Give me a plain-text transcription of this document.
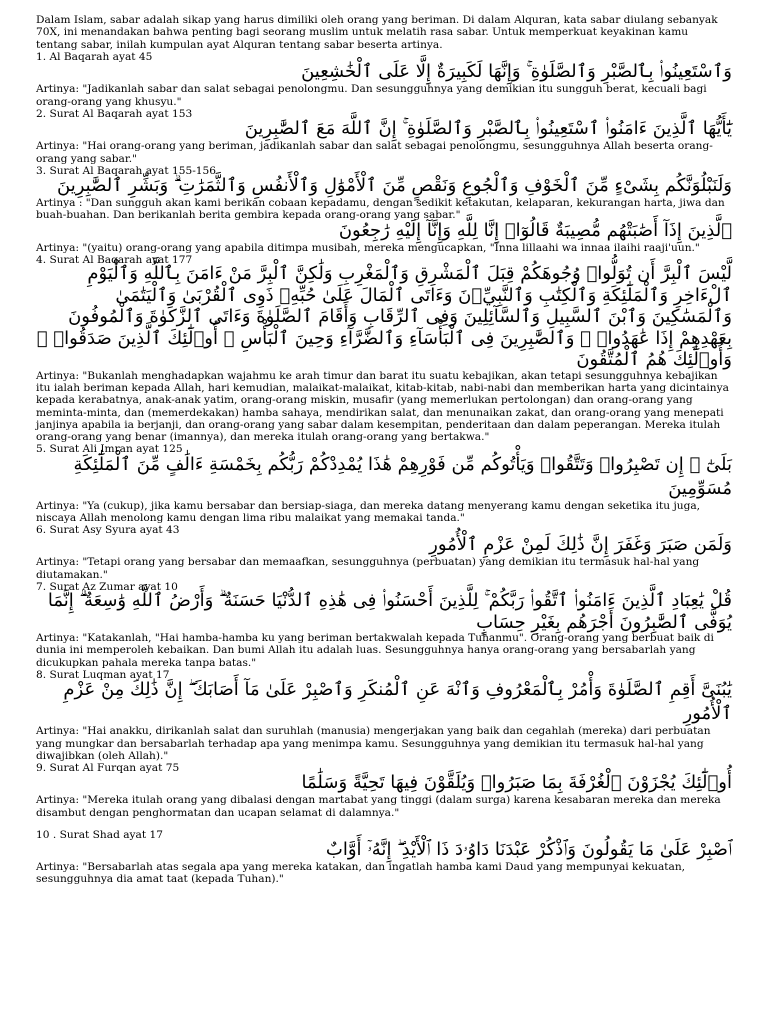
Dalam Islam, sabar adalah sikap yang harus dimiliki oleh orang yang beriman. Di dalam Alquran, kata sabar diulang sebanyak 70X, ini menandakan bahwa penting bagi seorang muslim untuk melatih rasa sabar. Untuk memperkuat keyakinan kamu tentang sabar, inilah kumpulan ayat Alquran tentang sabar beserta artinya.

1. Al Baqarah ayat 45

وَٱسْتَعِينُوا۟ بِٱلصَّبْرِ وَٱلصَّلَوٰةِ ۚ وَإِنَّهَا لَكَبِيرَةٌ إِلَّا عَلَى ٱلْخَٰشِعِينَ

Artinya: "Jadikanlah sabar dan salat sebagai penolongmu. Dan sesungguhnya yang demikian itu sungguh berat, kecuali bagi orang-orang yang khusyu."

2. Surat Al Baqarah ayat 153

يَٰٓأَيُّهَا ٱلَّذِينَ ءَامَنُوا۟ ٱسْتَعِينُوا۟ بِٱلصَّبْرِ وَٱلصَّلَوٰةِ ۚ إِنَّ ٱللَّهَ مَعَ ٱلصَّٰبِرِينَ

Artinya: "Hai orang-orang yang beriman, jadikanlah sabar dan salat sebagai penolongmu, sesungguhnya Allah beserta orang-orang yang sabar."

3. Surat Al Baqarah ayat 155-156

وَلَنَبْلُوَنَّكُم بِشَىْءٍ مِّنَ ٱلْخَوْفِ وَٱلْجُوعِ وَنَقْصٍ مِّنَ ٱلْأَمْوَٰلِ وَٱلْأَنفُسِ وَٱلثَّمَرَٰتِ ۗ وَبَشِّرِ ٱلصَّٰبِرِينَ

Artinya : "Dan sungguh akan kami berikan cobaan kepadamu, dengan sedikit ketakutan, kelaparan, kekurangan harta, jiwa dan buah-buahan. Dan berikanlah berita gembira kepada orang-orang yang sabar."

ٱلَّذِينَ إِذَآ أَصَٰبَتْهُم مُّصِيبَةٌ قَالُوٓا۟ إِنَّا لِلَّهِ وَإِنَّآ إِلَيْهِ رَٰجِعُونَ

Artinya: "(yaitu) orang-orang yang apabila ditimpa musibah, mereka mengucapkan, "Inna lillaahi wa innaa ilaihi raaji'uun."

4. Surat Al Baqarah ayat 177

لَّيْسَ ٱلْبِرَّ أَن تُوَلُّوا۟ وُجُوهَكُمْ قِبَلَ ٱلْمَشْرِقِ وَٱلْمَغْرِبِ وَلَٰكِنَّ ٱلْبِرَّ مَنْ ءَامَنَ بِٱللَّهِ وَٱلْيَوْمِ ٱلْءَاخِرِ وَٱلْمَلَٰٓئِكَةِ وَٱلْكِتَٰبِ وَٱلنَّبِيِّۦنَ وَءَاتَى ٱلْمَالَ عَلَىٰ حُبِّهِۦ ذَوِى ٱلْقُرْبَىٰ وَٱلْيَتَٰمَىٰ وَٱلْمَسَٰكِينَ وَٱبْنَ ٱلسَّبِيلِ وَٱلسَّآئِلِينَ وَفِى ٱلرِّقَابِ وَأَقَامَ ٱلصَّلَوٰةَ وَءَاتَى ٱلزَّكَوٰةَ وَٱلْمُوفُونَ بِعَهْدِهِمْ إِذَا عَٰهَدُوا۟ ۖ وَٱلصَّٰبِرِينَ فِى ٱلْبَأْسَآءِ وَٱلضَّرَّآءِ وَحِينَ ٱلْبَأْسِ ۗ أُو۟لَٰٓئِكَ ٱلَّذِينَ صَدَقُوا۟ ۖ وَأُو۟لَٰٓئِكَ هُمُ ٱلْمُتَّقُونَ

Artinya: "Bukanlah menghadapkan wajahmu ke arah timur dan barat itu suatu kebajikan, akan tetapi sesungguhnya kebajikan itu ialah beriman kepada Allah, hari kemudian, malaikat-malaikat, kitab-kitab, nabi-nabi dan memberikan harta yang dicintainya kepada kerabatnya, anak-anak yatim, orang-orang miskin, musafir (yang memerlukan pertolongan) dan orang-orang yang meminta-minta, dan (memerdekakan) hamba sahaya, mendirikan salat, dan menunaikan zakat, dan orang-orang yang menepati janjinya apabila ia berjanji, dan orang-orang yang sabar dalam kesempitan, penderitaan dan dalam peperangan. Mereka itulah orang-orang yang benar (imannya), dan mereka itulah orang-orang yang bertakwa."

5. Surat Ali Imran ayat 125

بَلَىٰٓ ۚ إِن تَصْبِرُوا۟ وَتَتَّقُوا۟ وَيَأْتُوكُم مِّن فَوْرِهِمْ هَٰذَا يُمْدِدْكُمْ رَبُّكُم بِخَمْسَةِ ءَالَٰفٍ مِّنَ ٱلْمَلَٰٓئِكَةِ مُسَوِّمِينَ

Artinya: "Ya (cukup), jika kamu bersabar dan bersiap-siaga, dan mereka datang menyerang kamu dengan seketika itu juga, niscaya Allah menolong kamu dengan lima ribu malaikat yang memakai tanda."

6. Surat Asy Syura ayat 43

وَلَمَن صَبَرَ وَغَفَرَ إِنَّ ذَٰلِكَ لَمِنْ عَزْمِ ٱلْأُمُورِ

Artinya: "Tetapi orang yang bersabar dan memaafkan, sesungguhnya (perbuatan) yang demikian itu termasuk hal-hal yang diutamakan."

7. Surat Az Zumar ayat 10

قُلْ يَٰعِبَادِ ٱلَّذِينَ ءَامَنُوا۟ ٱتَّقُوا۟ رَبَّكُمْ ۚ لِلَّذِينَ أَحْسَنُوا۟ فِى هَٰذِهِ ٱلدُّنْيَا حَسَنَةٌ ۗ وَأَرْضُ ٱللَّهِ وَٰسِعَةٌ ۗ إِنَّمَا يُوَفَّى ٱلصَّٰبِرُونَ أَجْرَهُم بِغَيْرِ حِسَابٍ

Artinya: "Katakanlah, "Hai hamba-hamba ku yang beriman bertakwalah kepada Tuhanmu". Orang-orang yang berbuat baik di dunia ini memperoleh kebaikan. Dan bumi Allah itu adalah luas. Sesungguhnya hanya orang-orang yang bersabarlah yang dicukupkan pahala mereka tanpa batas."

8. Surat Luqman ayat 17

يَٰبُنَىَّ أَقِمِ ٱلصَّلَوٰةَ وَأْمُرْ بِٱلْمَعْرُوفِ وَٱنْهَ عَنِ ٱلْمُنكَرِ وَٱصْبِرْ عَلَىٰ مَآ أَصَابَكَ ۖ إِنَّ ذَٰلِكَ مِنْ عَزْمِ ٱلْأُمُورِ

Artinya: "Hai anakku, dirikanlah salat dan suruhlah (manusia) mengerjakan yang baik dan cegahlah (mereka) dari perbuatan yang mungkar dan bersabarlah terhadap apa yang menimpa kamu. Sesungguhnya yang demikian itu termasuk hal-hal yang diwajibkan (oleh Allah)."

9. Surat Al Furqan ayat 75

أُو۟لَٰٓئِكَ يُجْزَوْنَ ٱلْغُرْفَةَ بِمَا صَبَرُوا۟ وَيُلَقَّوْنَ فِيهَا تَحِيَّةً وَسَلَٰمًا

Artinya: "Mereka itulah orang yang dibalasi dengan martabat yang tinggi (dalam surga) karena kesabaran mereka dan mereka disambut dengan penghormatan dan ucapan selamat di dalamnya."

10 . Surat Shad ayat 17

ٱصْبِرْ عَلَىٰ مَا يَقُولُونَ وَٱذْكُرْ عَبْدَنَا دَاوُۥدَ ذَا ٱلْأَيْدِ ۖ إِنَّهُۥٓ أَوَّابٌ

Artinya: "Bersabarlah atas segala apa yang mereka katakan, dan ingatlah hamba kami Daud yang mempunyai kekuatan, sesungguhnya dia amat taat (kepada Tuhan)."
